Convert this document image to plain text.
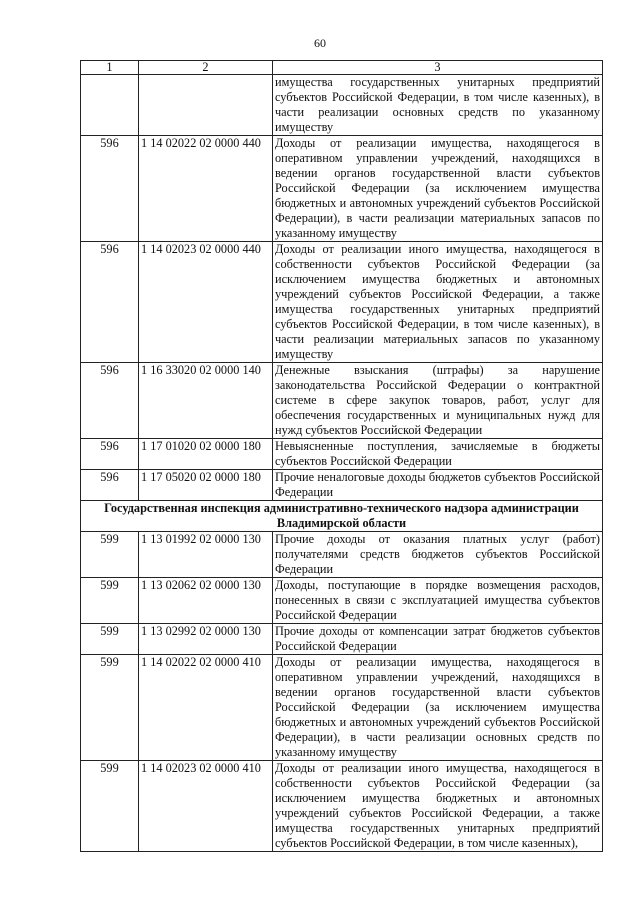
60
1	2	3
		имущества государственных унитарных предприятий субъектов Российской Федерации, в том числе казенных), в части реализации основных средств по указанному имуществу
596	1 14 02022 02 0000 440	Доходы от реализации имущества, находящегося в оперативном управлении учреждений, находящихся в ведении органов государственной власти субъектов Российской Федерации (за исключением имущества бюджетных и автономных учреждений субъектов Российской Федерации), в части реализации материальных запасов по указанному имуществу
596	1 14 02023 02 0000 440	Доходы от реализации иного имущества, находящегося в собственности субъектов Российской Федерации (за исключением имущества бюджетных и автономных учреждений субъектов Российской Федерации, а также имущества государственных унитарных предприятий субъектов Российской Федерации, в том числе казенных), в части реализации материальных запасов по указанному имуществу
596	1 16 33020 02 0000 140	Денежные взыскания (штрафы) за нарушение законодательства Российской Федерации о контрактной системе в сфере закупок товаров, работ, услуг для обеспечения государственных и муниципальных нужд для нужд субъектов Российской Федерации
596	1 17 01020 02 0000 180	Невыясненные поступления, зачисляемые в бюджеты субъектов Российской Федерации
596	1 17 05020 02 0000 180	Прочие неналоговые доходы бюджетов субъектов Российской Федерации
Государственная инспекция административно-технического надзора администрации Владимирской области		
599	1 13 01992 02 0000 130	Прочие доходы от оказания платных услуг (работ) получателями средств бюджетов субъектов Российской Федерации
599	1 13 02062 02 0000 130	Доходы, поступающие в порядке возмещения расходов, понесенных в связи с эксплуатацией имущества субъектов Российской Федерации
599	1 13 02992 02 0000 130	Прочие доходы от компенсации затрат бюджетов субъектов Российской Федерации
599	1 14 02022 02 0000 410	Доходы от реализации имущества, находящегося в оперативном управлении учреждений, находящихся в ведении органов государственной власти субъектов Российской Федерации (за исключением имущества бюджетных и автономных учреждений субъектов Российской Федерации), в части реализации основных средств по указанному имуществу
599	1 14 02023 02 0000 410	Доходы от реализации иного имущества, находящегося в собственности субъектов Российской Федерации (за исключением имущества бюджетных и автономных учреждений субъектов Российской Федерации, а также имущества государственных унитарных предприятий субъектов Российской Федерации, в том числе казенных),
